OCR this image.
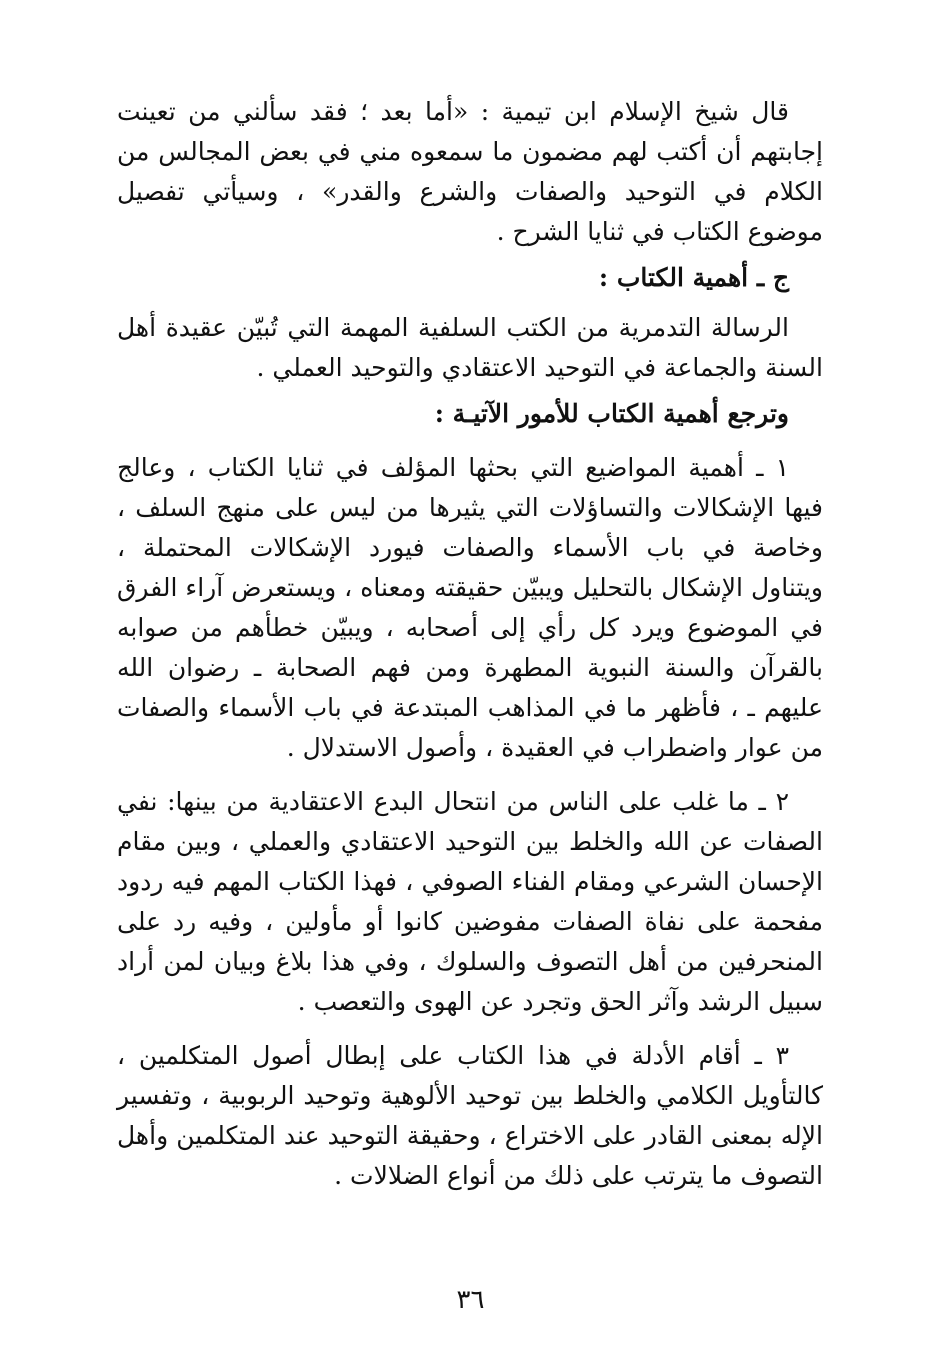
قال شيخ الإسلام ابن تيمية : «أما بعد ؛ فقد سألني من تعينت إجابتهم أن أكتب لهم مضمون ما سمعوه مني في بعض المجالس من الكلام في التوحيد والصفات والشرع والقدر» ، وسيأتي تفصيل موضوع الكتاب في ثنايا الشرح .

ج ـ أهمية الكتاب :

الرسالة التدمرية من الكتب السلفية المهمة التي تُبيّن عقيدة أهل السنة والجماعة في التوحيد الاعتقادي والتوحيد العملي .

وترجع أهمية الكتاب للأمور الآتيـة :

١ ـ أهمية المواضيع التي بحثها المؤلف في ثنايا الكتاب ، وعالج فيها الإشكالات والتساؤلات التي يثيرها من ليس على منهج السلف ، وخاصة في باب الأسماء والصفات فيورد الإشكالات المحتملة ، ويتناول الإشكال بالتحليل ويبيّن حقيقته ومعناه ، ويستعرض آراء الفرق في الموضوع ويرد كل رأي إلى أصحابه ، ويبيّن خطأهم من صوابه بالقرآن والسنة النبوية المطهرة ومن فهم الصحابة ـ رضوان الله عليهم ـ ، فأظهر ما في المذاهب المبتدعة في باب الأسماء والصفات من عوار واضطراب في العقيدة ، وأصول الاستدلال .

٢ ـ ما غلب على الناس من انتحال البدع الاعتقادية من بينها: نفي الصفات عن الله والخلط بين التوحيد الاعتقادي والعملي ، وبين مقام الإحسان الشرعي ومقام الفناء الصوفي ، فهذا الكتاب المهم فيه ردود مفحمة على نفاة الصفات مفوضين كانوا أو مأولين ، وفيه رد على المنحرفين من أهل التصوف والسلوك ، وفي هذا بلاغ وبيان لمن أراد سبيل الرشد وآثر الحق وتجرد عن الهوى والتعصب .

٣ ـ أقام الأدلة في هذا الكتاب على إبطال أصول المتكلمين ، كالتأويل الكلامي والخلط بين توحيد الألوهية وتوحيد الربوبية ، وتفسير الإله بمعنى القادر على الاختراع ، وحقيقة التوحيد عند المتكلمين وأهل التصوف ما يترتب على ذلك من أنواع الضلالات .

٣٦
